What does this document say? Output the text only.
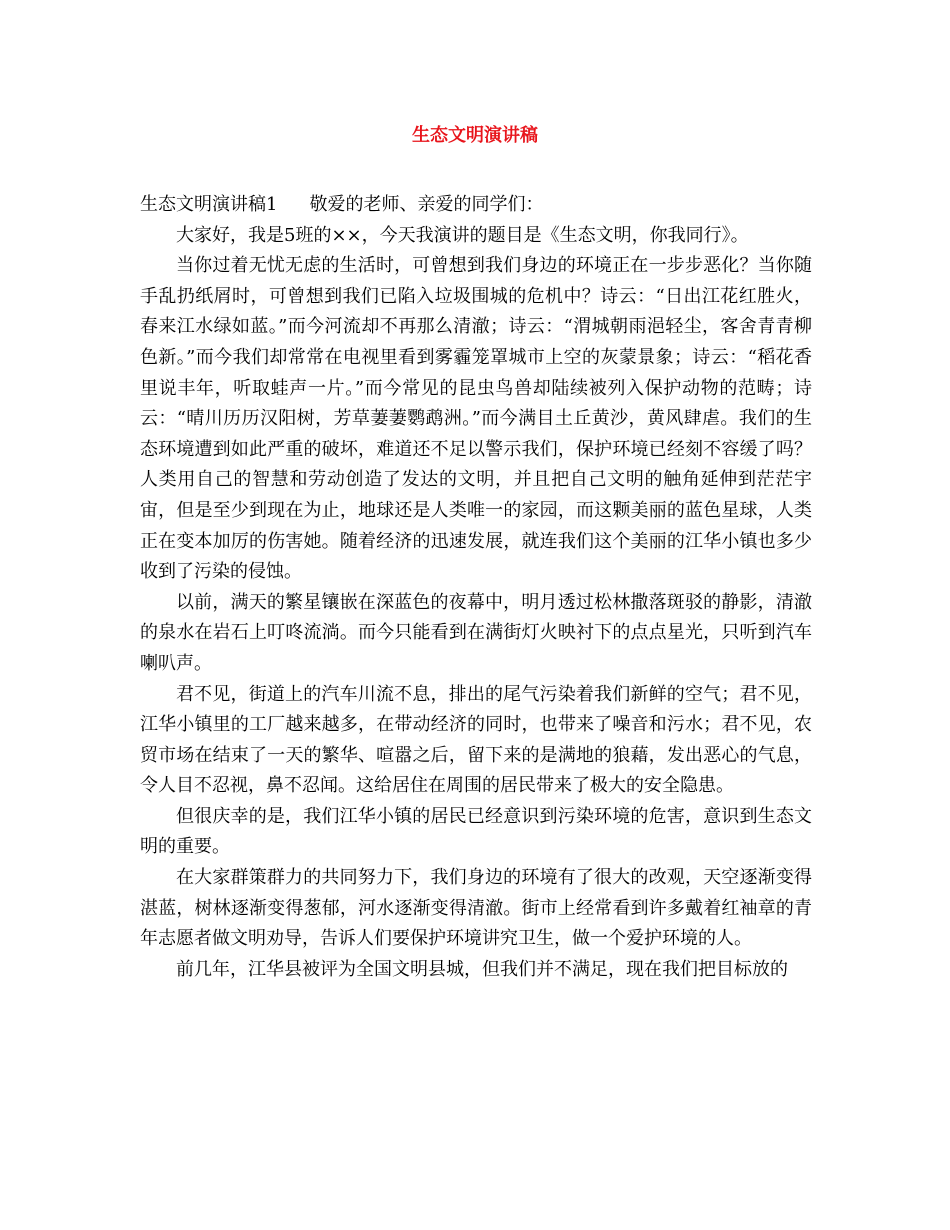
生态文明演讲稿

生态文明演讲稿1 敬爱的老师、亲爱的同学们：

大家好，我是5班的××，今天我演讲的题目是《生态文明，你我同行》。

当你过着无忧无虑的生活时，可曾想到我们身边的环境正在一步步恶化？当你随手乱扔纸屑时，可曾想到我们已陷入垃圾围城的危机中？诗云：“日出江花红胜火，春来江水绿如蓝。”而今河流却不再那么清澈；诗云：“渭城朝雨浥轻尘，客舍青青柳色新。”而今我们却常常在电视里看到雾霾笼罩城市上空的灰蒙景象；诗云：“稻花香里说丰年，听取蛙声一片。”而今常见的昆虫鸟兽却陆续被列入保护动物的范畴；诗云：“晴川历历汉阳树，芳草萋萋鹦鹉洲。”而今满目土丘黄沙，黄风肆虐。我们的生态环境遭到如此严重的破坏，难道还不足以警示我们，保护环境已经刻不容缓了吗？人类用自己的智慧和劳动创造了发达的文明，并且把自己文明的触角延伸到茫茫宇宙，但是至少到现在为止，地球还是人类唯一的家园，而这颗美丽的蓝色星球，人类正在变本加厉的伤害她。随着经济的迅速发展，就连我们这个美丽的江华小镇也多少收到了污染的侵蚀。

以前，满天的繁星镶嵌在深蓝色的夜幕中，明月透过松林撒落斑驳的静影，清澈的泉水在岩石上叮咚流淌。而今只能看到在满街灯火映衬下的点点星光，只听到汽车喇叭声。

君不见，街道上的汽车川流不息，排出的尾气污染着我们新鲜的空气；君不见，江华小镇里的工厂越来越多，在带动经济的同时，也带来了噪音和污水；君不见，农贸市场在结束了一天的繁华、喧嚣之后，留下来的是满地的狼藉，发出恶心的气息，令人目不忍视，鼻不忍闻。这给居住在周围的居民带来了极大的安全隐患。

但很庆幸的是，我们江华小镇的居民已经意识到污染环境的危害，意识到生态文明的重要。

在大家群策群力的共同努力下，我们身边的环境有了很大的改观，天空逐渐变得湛蓝，树林逐渐变得葱郁，河水逐渐变得清澈。街市上经常看到许多戴着红袖章的青年志愿者做文明劝导，告诉人们要保护环境讲究卫生，做一个爱护环境的人。

前几年，江华县被评为全国文明县城，但我们并不满足，现在我们把目标放的
